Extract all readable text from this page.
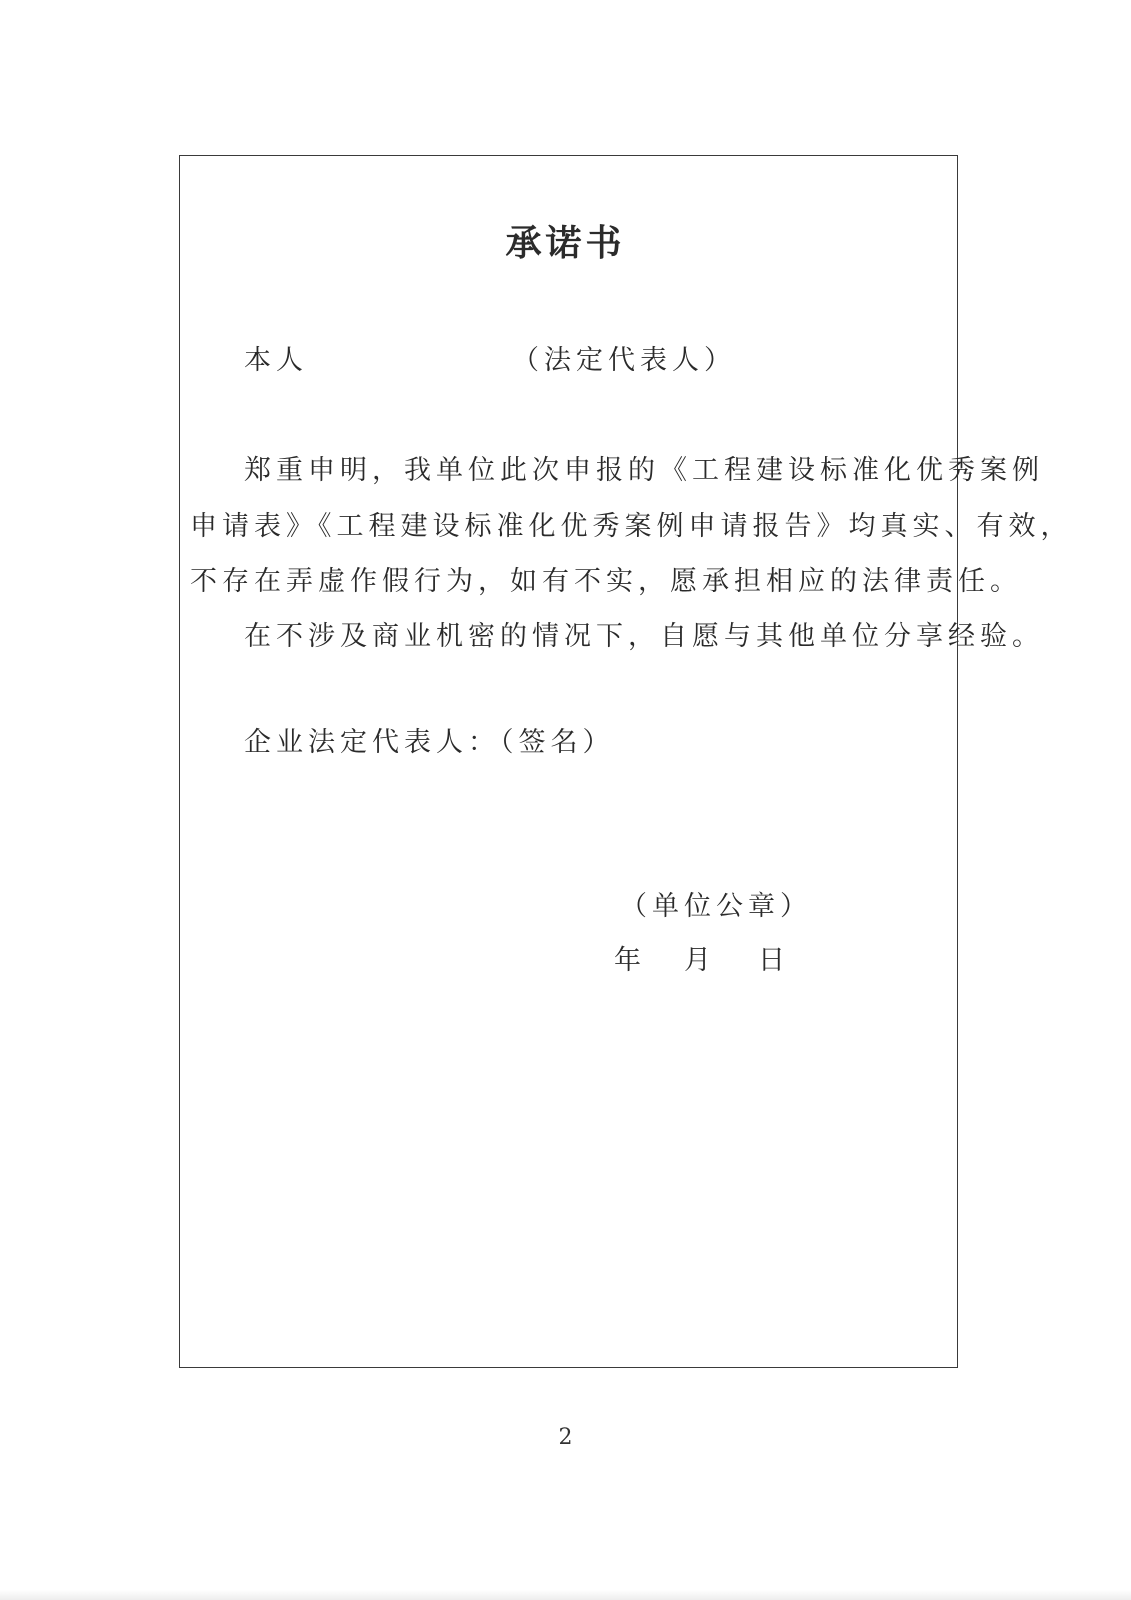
承诺书
本人	（法定代表人）
郑重申明，我单位此次申报的《工程建设标准化优秀案例
申请表》《工程建设标准化优秀案例申请报告》均真实、有效，
不存在弄虚作假行为，如有不实，愿承担相应的法律责任。
在不涉及商业机密的情况下，自愿与其他单位分享经验。
企业法定代表人：（签名）
（单位公章）
年 月 日
2
